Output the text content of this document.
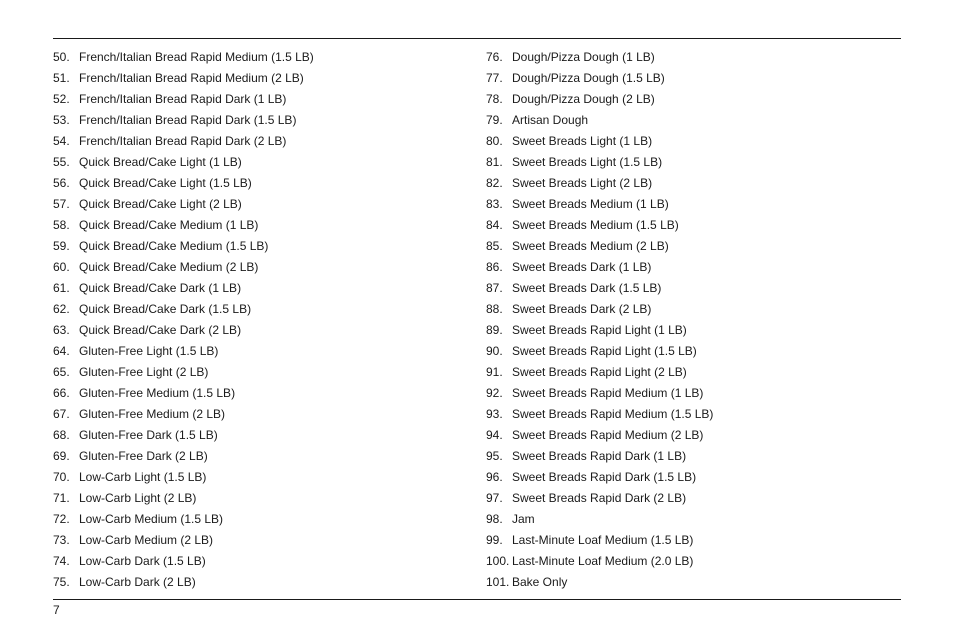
50. French/Italian Bread Rapid Medium (1.5 LB)
51. French/Italian Bread Rapid Medium (2 LB)
52. French/Italian Bread Rapid Dark (1 LB)
53. French/Italian Bread Rapid Dark (1.5 LB)
54. French/Italian Bread Rapid Dark (2 LB)
55. Quick Bread/Cake Light (1 LB)
56. Quick Bread/Cake Light (1.5 LB)
57. Quick Bread/Cake Light (2 LB)
58. Quick Bread/Cake Medium (1 LB)
59. Quick Bread/Cake Medium (1.5 LB)
60. Quick Bread/Cake Medium (2 LB)
61. Quick Bread/Cake Dark (1 LB)
62. Quick Bread/Cake Dark (1.5 LB)
63. Quick Bread/Cake Dark (2 LB)
64. Gluten-Free Light (1.5 LB)
65. Gluten-Free Light (2 LB)
66. Gluten-Free Medium (1.5 LB)
67. Gluten-Free Medium (2 LB)
68. Gluten-Free Dark (1.5 LB)
69. Gluten-Free Dark (2 LB)
70. Low-Carb Light (1.5 LB)
71. Low-Carb Light (2 LB)
72. Low-Carb Medium (1.5 LB)
73. Low-Carb Medium (2 LB)
74. Low-Carb Dark (1.5 LB)
75. Low-Carb Dark (2 LB)
76. Dough/Pizza Dough (1 LB)
77. Dough/Pizza Dough (1.5 LB)
78. Dough/Pizza Dough (2 LB)
79. Artisan Dough
80. Sweet Breads Light (1 LB)
81. Sweet Breads Light (1.5 LB)
82. Sweet Breads Light (2 LB)
83. Sweet Breads Medium (1 LB)
84. Sweet Breads Medium (1.5 LB)
85. Sweet Breads Medium (2 LB)
86. Sweet Breads Dark (1 LB)
87. Sweet Breads Dark (1.5 LB)
88. Sweet Breads Dark (2 LB)
89. Sweet Breads Rapid Light (1 LB)
90. Sweet Breads Rapid Light (1.5 LB)
91. Sweet Breads Rapid Light (2 LB)
92. Sweet Breads Rapid Medium (1 LB)
93. Sweet Breads Rapid Medium (1.5 LB)
94. Sweet Breads Rapid Medium (2 LB)
95. Sweet Breads Rapid Dark (1 LB)
96. Sweet Breads Rapid Dark (1.5 LB)
97. Sweet Breads Rapid Dark (2 LB)
98. Jam
99. Last-Minute Loaf Medium (1.5 LB)
100. Last-Minute Loaf Medium (2.0 LB)
101. Bake Only
7
